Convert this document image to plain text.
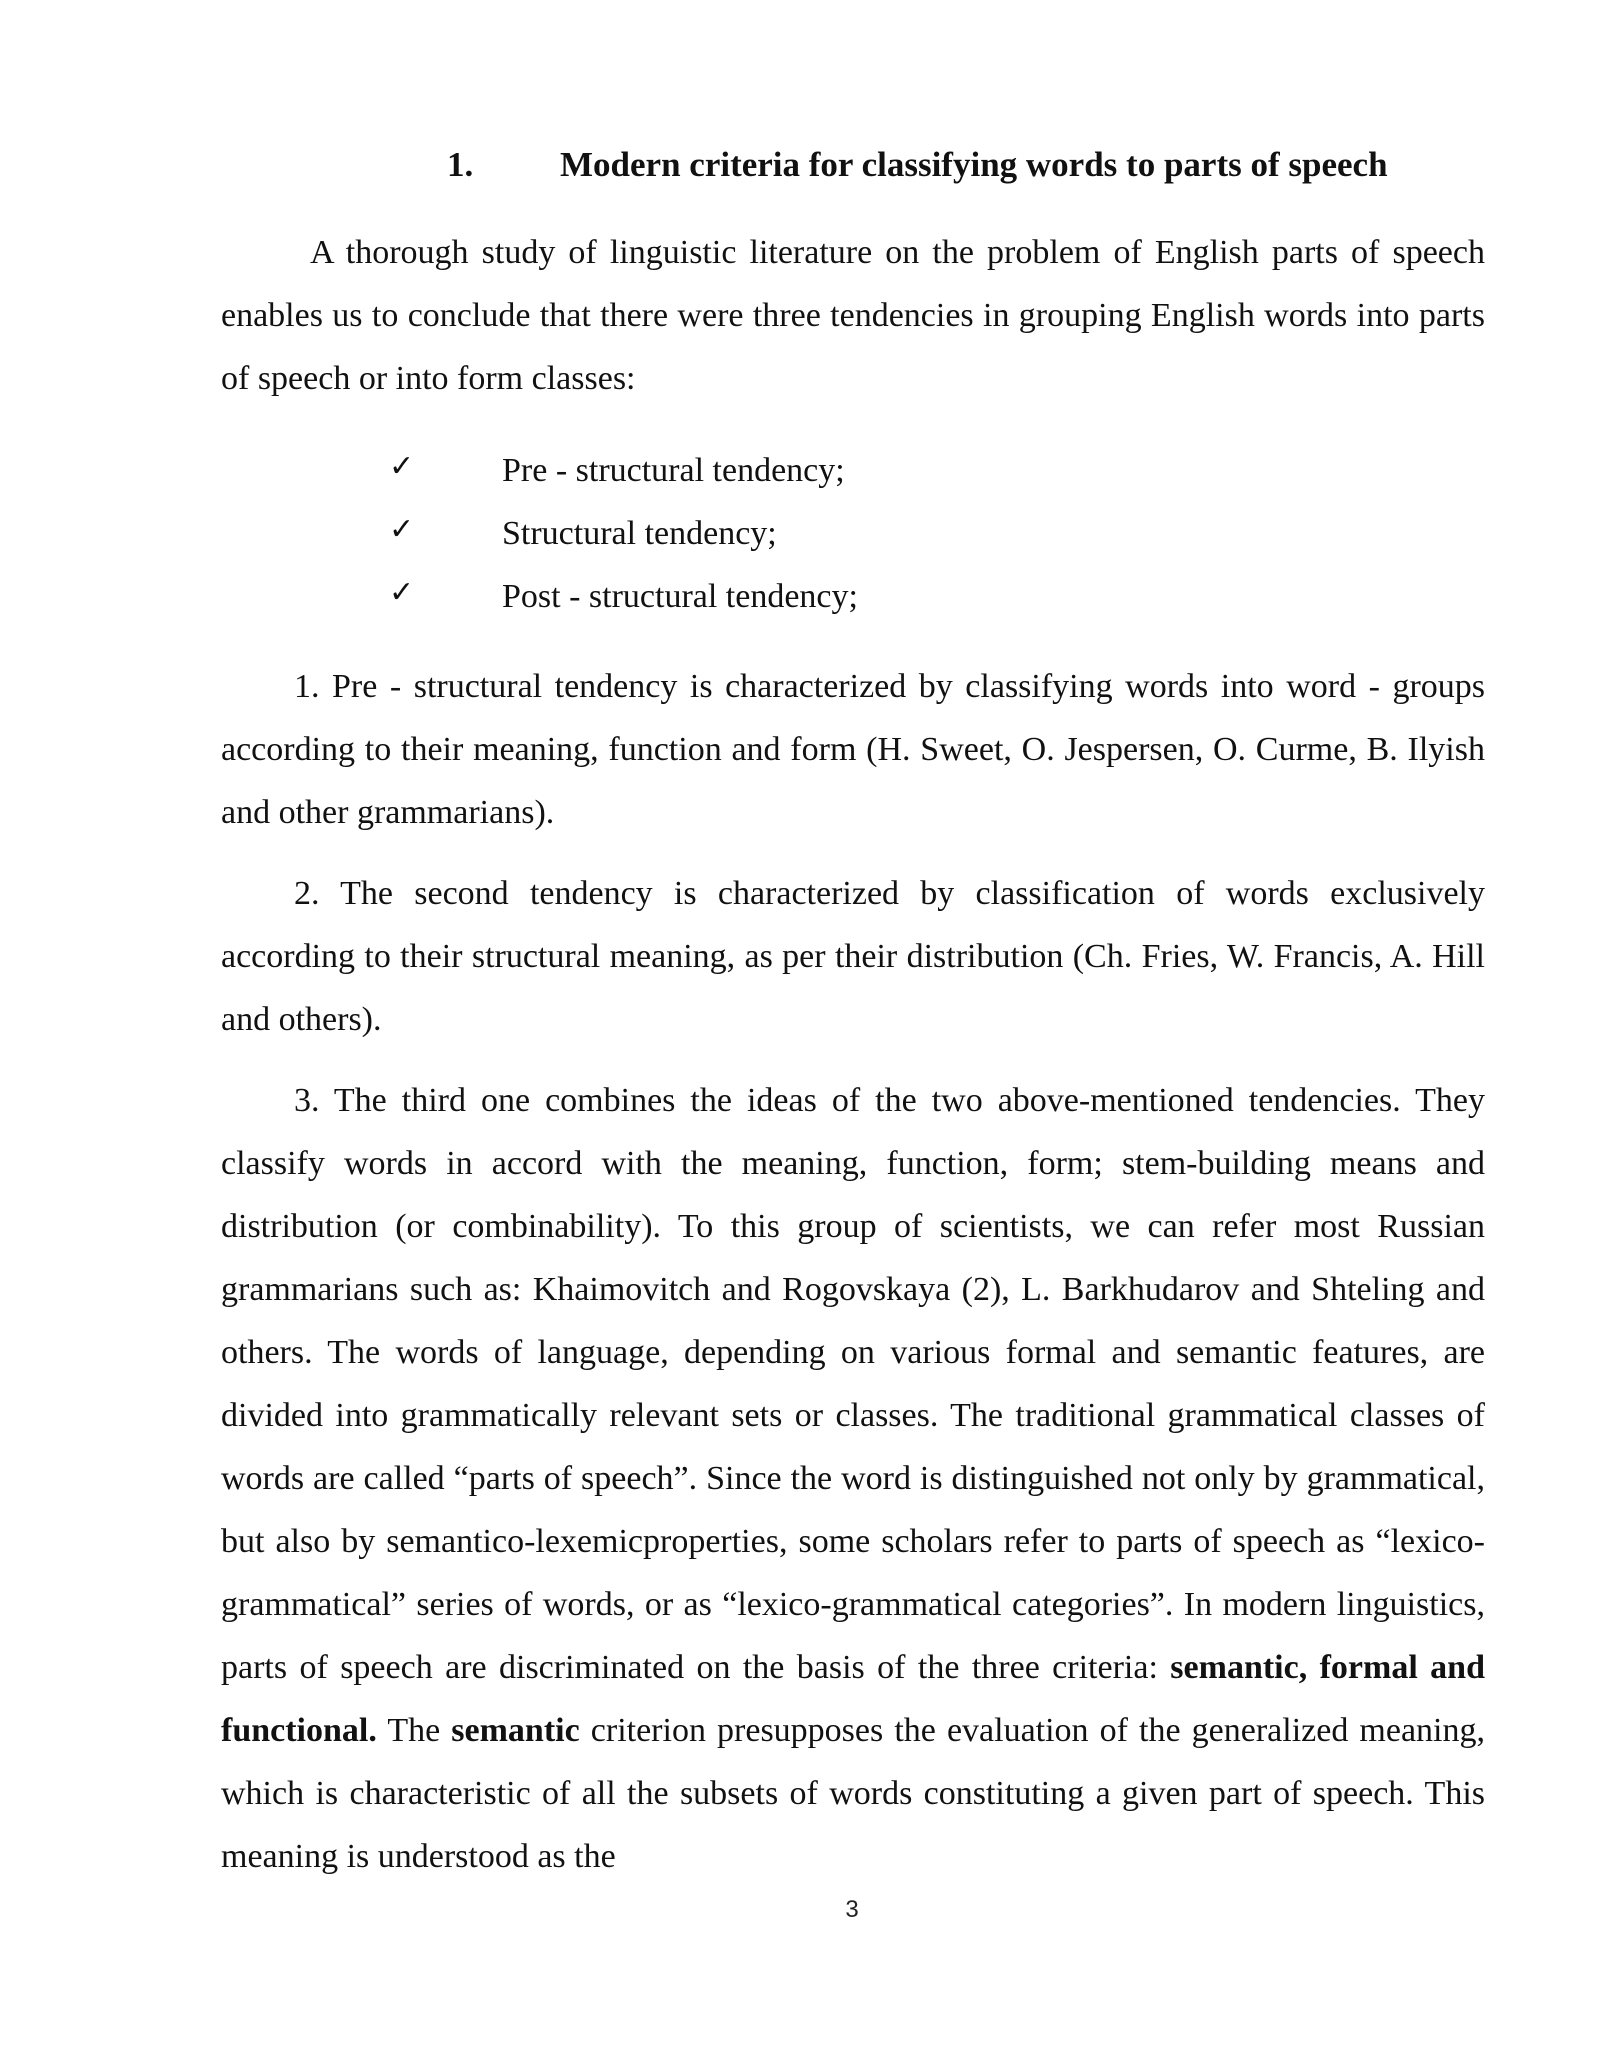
1. Modern criteria for classifying words to parts of speech

A thorough study of linguistic literature on the problem of English parts of speech enables us to conclude that there were three tendencies in grouping English words into parts of speech or into form classes:

✓	Pre - structural tendency;
✓	Structural tendency;
✓	Post - structural tendency;

1. Pre - structural tendency is characterized by classifying words into word - groups according to their meaning, function and form (H. Sweet, O. Jespersen, O. Curme, B. Ilyish and other grammarians).

2. The second tendency is characterized by classification of words exclusively according to their structural meaning, as per their distribution (Ch. Fries, W. Francis, A. Hill and others).

3. The third one combines the ideas of the two above-mentioned tendencies. They classify words in accord with the meaning, function, form; stem-building means and distribution (or combinability). To this group of scientists, we can refer most Russian grammarians such as: Khaimovitch and Rogovskaya (2), L. Barkhudarov and Shteling and others. The words of language, depending on various formal and semantic features, are divided into grammatically relevant sets or classes. The traditional grammatical classes of words are called “parts of speech”. Since the word is distinguished not only by grammatical, but also by semantico-lexemicproperties, some scholars refer to parts of speech as “lexico-grammatical” series of words, or as “lexico-grammatical categories”. In modern linguistics, parts of speech are discriminated on the basis of the three criteria: semantic, formal and functional. The semantic criterion presupposes the evaluation of the generalized meaning, which is characteristic of all the subsets of words constituting a given part of speech. This meaning is understood as the

3
